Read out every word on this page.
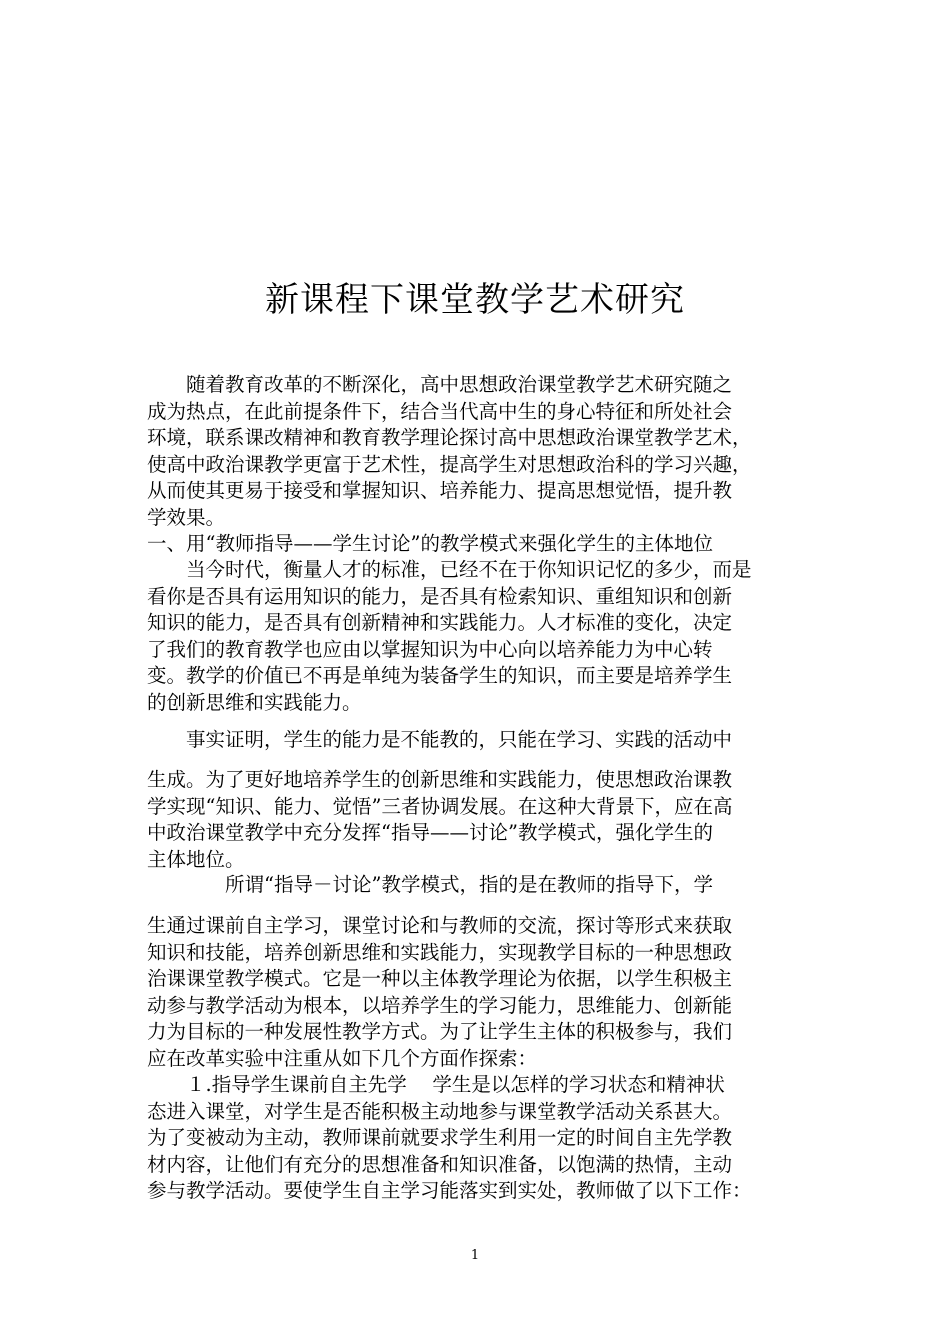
新课程下课堂教学艺术研究

　　随着教育改革的不断深化，高中思想政治课堂教学艺术研究随之
成为热点，在此前提条件下，结合当代高中生的身心特征和所处社会
环境，联系课改精神和教育教学理论探讨高中思想政治课堂教学艺术，
使高中政治课教学更富于艺术性，提高学生对思想政治科的学习兴趣，
从而使其更易于接受和掌握知识、培养能力、提高思想觉悟，提升教
学效果。

一、用“教师指导——学生讨论”的教学模式来强化学生的主体地位

　　当今时代，衡量人才的标准，已经不在于你知识记忆的多少，而是
看你是否具有运用知识的能力，是否具有检索知识、重组知识和创新
知识的能力，是否具有创新精神和实践能力。人才标准的变化，决定
了我们的教育教学也应由以掌握知识为中心向以培养能力为中心转
变。教学的价值已不再是单纯为装备学生的知识，而主要是培养学生
的创新思维和实践能力。

　　事实证明，学生的能力是不能教的，只能在学习、实践的活动中

生成。为了更好地培养学生的创新思维和实践能力，使思想政治课教
学实现“知识、能力、觉悟”三者协调发展。在这种大背景下，应在高
中政治课堂教学中充分发挥“指导——讨论”教学模式，强化学生的
主体地位。

　　　　所谓“指导－讨论”教学模式，指的是在教师的指导下，学

生通过课前自主学习，课堂讨论和与教师的交流，探讨等形式来获取
知识和技能，培养创新思维和实践能力，实现教学目标的一种思想政
治课课堂教学模式。它是一种以主体教学理论为依据，以学生积极主
动参与教学活动为根本，以培养学生的学习能力，思维能力、创新能
力为目标的一种发展性教学方式。为了让学生主体的积极参与，我们
应在改革实验中注重从如下几个方面作探索：
　　１.指导学生课前自主先学　 学生是以怎样的学习状态和精神状
态进入课堂，对学生是否能积极主动地参与课堂教学活动关系甚大。
为了变被动为主动，教师课前就要求学生利用一定的时间自主先学教
材内容，让他们有充分的思想准备和知识准备，以饱满的热情，主动
参与教学活动。要使学生自主学习能落实到实处，教师做了以下工作：

1
